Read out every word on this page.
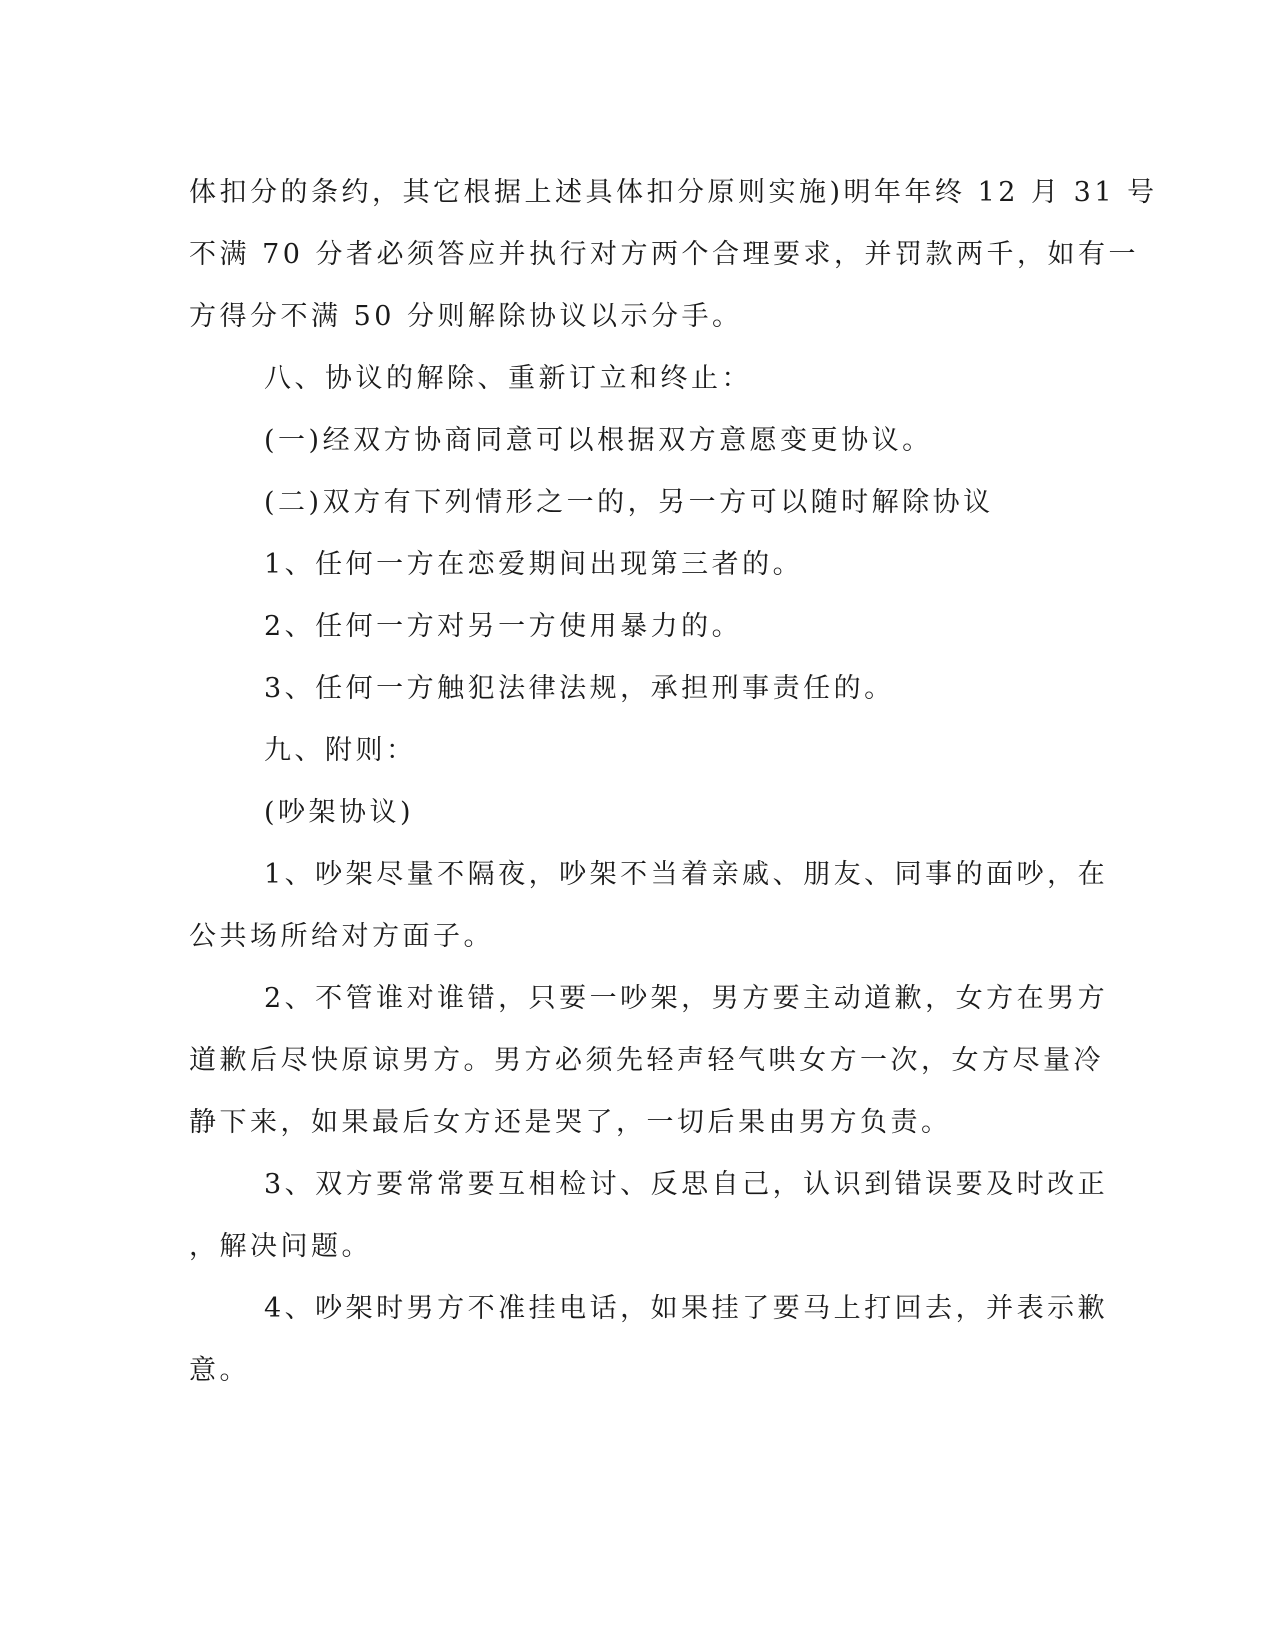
体扣分的条约，其它根据上述具体扣分原则实施)明年年终 12 月 31 号
不满 70 分者必须答应并执行对方两个合理要求，并罚款两千，如有一
方得分不满 50 分则解除协议以示分手。
八、协议的解除、重新订立和终止：
(一)经双方协商同意可以根据双方意愿变更协议。
(二)双方有下列情形之一的，另一方可以随时解除协议
1、任何一方在恋爱期间出现第三者的。
2、任何一方对另一方使用暴力的。
3、任何一方触犯法律法规，承担刑事责任的。
九、附则：
(吵架协议)
1、吵架尽量不隔夜，吵架不当着亲戚、朋友、同事的面吵，在
公共场所给对方面子。
2、不管谁对谁错，只要一吵架，男方要主动道歉，女方在男方
道歉后尽快原谅男方。男方必须先轻声轻气哄女方一次，女方尽量冷
静下来，如果最后女方还是哭了，一切后果由男方负责。
3、双方要常常要互相检讨、反思自己，认识到错误要及时改正
，解决问题。
4、吵架时男方不准挂电话，如果挂了要马上打回去，并表示歉
意。
